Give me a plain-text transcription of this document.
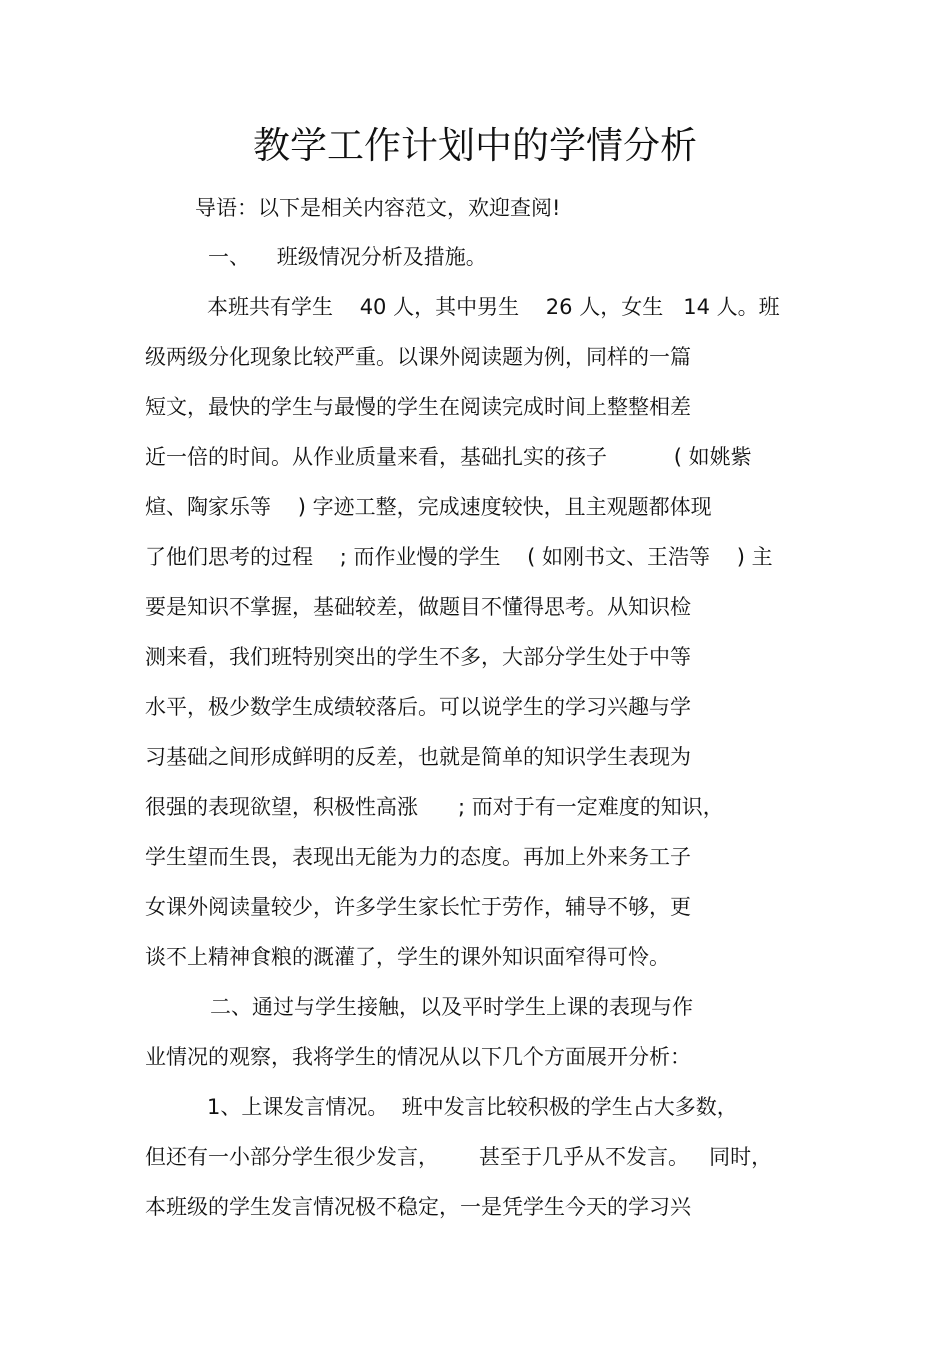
教学工作计划中的学情分析

导语：以下是相关内容范文，欢迎查阅!

一、    班级情况分析及措施。

本班共有学生    40 人，其中男生    26 人，女生   14 人。班

级两级分化现象比较严重。以课外阅读题为例，同样的一篇

短文，最快的学生与最慢的学生在阅读完成时间上整整相差

近一倍的时间。从作业质量来看，基础扎实的孩子          ( 如姚紫

煊、陶家乐等    ) 字迹工整，完成速度较快，且主观题都体现

了他们思考的过程    ; 而作业慢的学生    ( 如刚书文、王浩等    ) 主

要是知识不掌握，基础较差，做题目不懂得思考。从知识检

测来看，我们班特别突出的学生不多，大部分学生处于中等

水平，极少数学生成绩较落后。可以说学生的学习兴趣与学

习基础之间形成鲜明的反差，也就是简单的知识学生表现为

很强的表现欲望，积极性高涨      ; 而对于有一定难度的知识，

学生望而生畏，表现出无能为力的态度。再加上外来务工子

女课外阅读量较少，许多学生家长忙于劳作，辅导不够，更

谈不上精神食粮的溉灌了，学生的课外知识面窄得可怜。

二、通过与学生接触，以及平时学生上课的表现与作

业情况的观察，我将学生的情况从以下几个方面展开分析：

1、上课发言情况。  班中发言比较积极的学生占大多数，

但还有一小部分学生很少发言，      甚至于几乎从不发言。   同时，

本班级的学生发言情况极不稳定，一是凭学生今天的学习兴
